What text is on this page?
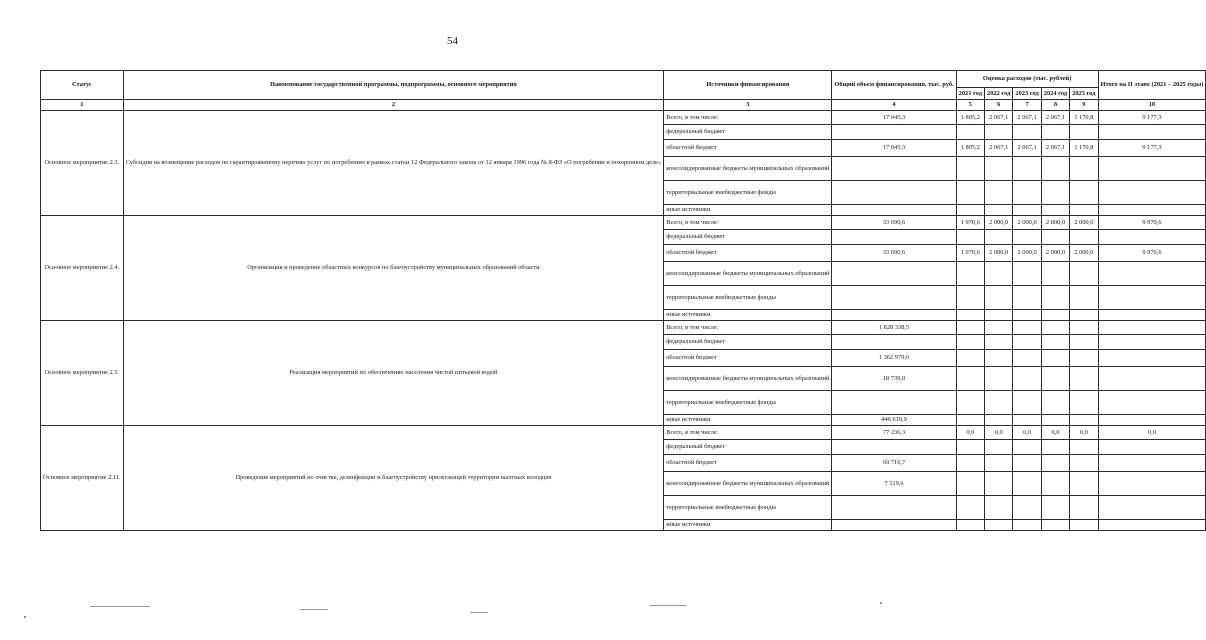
54
Статус	Наименование государственной программы, подпрограммы, основного мероприятия	Источники финансирования	Общий объем финансирования, тыс. руб.	Оценка расходов (тыс. рублей)					Итого на II этапе (2021 – 2025 годы)
				2021 год	2022 год	2023 год	2024 год	2025 год	
1	2	3	4	5	6	7	8	9	10
Основное мероприятие 2.3.	Субсидия на возмещение расходов по гарантированному перечню услуг по погребению в рамках статьи 12 Федерального закона от 12 января 1996 года № 8-ФЗ «О погребении и похоронном деле»	Всего, в том числе:	17 045,3	1 805,2	2 067,1	2 067,1	2 067,1	1 170,8	9 177,3
		федеральный бюджет							
		областной бюджет	17 045,3	1 805,2	2 067,1	2 067,1	2 067,1	1 170,8	9 177,3
		консолидированные бюджеты муниципальных образований							
		территориальные внебюджетные фонды							
		иные источники							
Основное мероприятие 2.4.	Организация и проведение областных конкурсов по благоустройству муниципальных образований области	Всего, в том числе:	33 690,6	1 970,6	2 000,0	2 000,0	2 000,0	2 000,0	9 970,6
		федеральный бюджет							
		областной бюджет	33 690,6	1 970,6	2 000,0	2 000,0	2 000,0	2 000,0	9 970,6
		консолидированные бюджеты муниципальных образований							
		территориальные внебюджетные фонды							
		иные источники							
Основное мероприятие 2.5.	Реализация мероприятий по обеспечению населения чистой питьевой водой	Всего, в том числе:	1 828 338,5						
		федеральный бюджет							
		областной бюджет	1 362 979,6						
		консолидированные бюджеты муниципальных образований	18 739,0						
		территориальные внебюджетные фонды							
		иные источники	446 619,9						
Основное мероприятие 2.11.	Проведение мероприятий по очистке, дезинфекции и благоустройству прилегающей территории шахтных колодцев	Всего, в том числе:	77 236,3	0,0	0,0	0,0	0,0	0,0	0,0
		федеральный бюджет							
		областной бюджет	69 716,7						
		консолидированные бюджеты муниципальных образований	7 519,6						
		территориальные внебюджетные фонды							
		иные источники							
